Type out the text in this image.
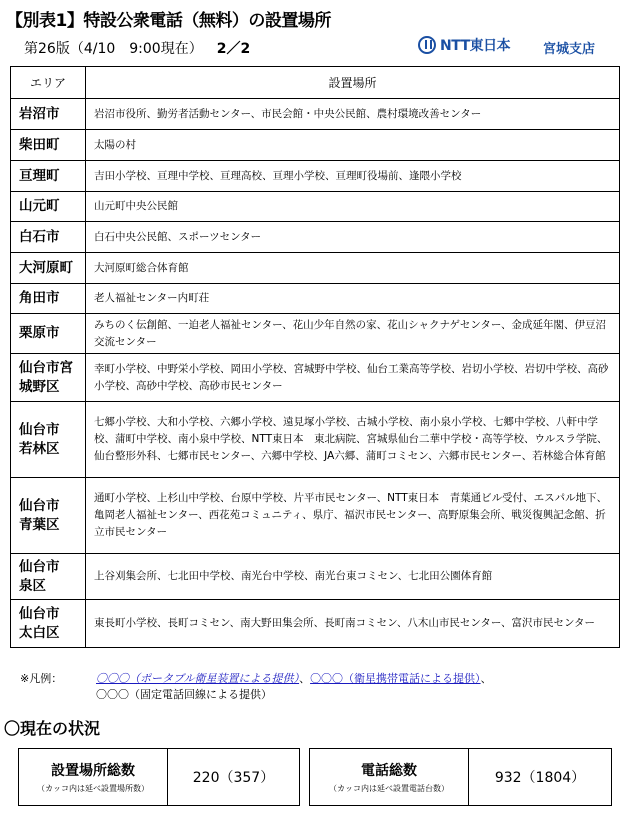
【別表1】特設公衆電話（無料）の設置場所
第26版（4/10　9:00現在） 2／2	NTT東日本	宮城支店
エリア	設置場所
岩沼市	岩沼市役所、勤労者活動センター、市民会館・中央公民館、農村環境改善センター
柴田町	太陽の村
亘理町	吉田小学校、亘理中学校、亘理高校、亘理小学校、亘理町役場前、逢隈小学校
山元町	山元町中央公民館
白石市	白石中央公民館、スポーツセンター
大河原町	大河原町総合体育館
角田市	老人福祉センター内町荘
栗原市	みちのく伝創館、一迫老人福祉センター、花山少年自然の家、花山シャクナゲセンター、金成延年閣、伊豆沼交流センター
仙台市宮城野区	幸町小学校、中野栄小学校、岡田小学校、宮城野中学校、仙台工業高等学校、岩切小学校、岩切中学校、高砂小学校、高砂中学校、高砂市民センター
仙台市若林区	七郷小学校、大和小学校、六郷小学校、遠見塚小学校、古城小学校、南小泉小学校、七郷中学校、八軒中学校、蒲町中学校、南小泉中学校、NTT東日本　東北病院、宮城県仙台二華中学校・高等学校、ウルスラ学院、仙台整形外科、七郷市民センター、六郷中学校、JA六郷、蒲町コミセン、六郷市民センター、若林総合体育館
仙台市青葉区	通町小学校、上杉山中学校、台原中学校、片平市民センター、NTT東日本　青葉通ビル受付、エスパル地下、亀岡老人福祉センター、西花苑コミュニティ、県庁、福沢市民センター、高野原集会所、戦災復興記念館、折立市民センター
仙台市泉区	上谷刈集会所、七北田中学校、南光台中学校、南光台東コミセン、七北田公園体育館
仙台市太白区	東長町小学校、長町コミセン、南大野田集会所、長町南コミセン、八木山市民センター、富沢市民センター
※凡例：	〇〇〇（ポータブル衛星装置による提供）、〇〇〇（衛星携帯電話による提供）、
〇〇〇（固定電話回線による提供）
〇現在の状況
設置場所総数
（カッコ内は延べ設置場所数）
220（357）	電話総数
（カッコ内は延べ設置電話台数）
932（1804）
